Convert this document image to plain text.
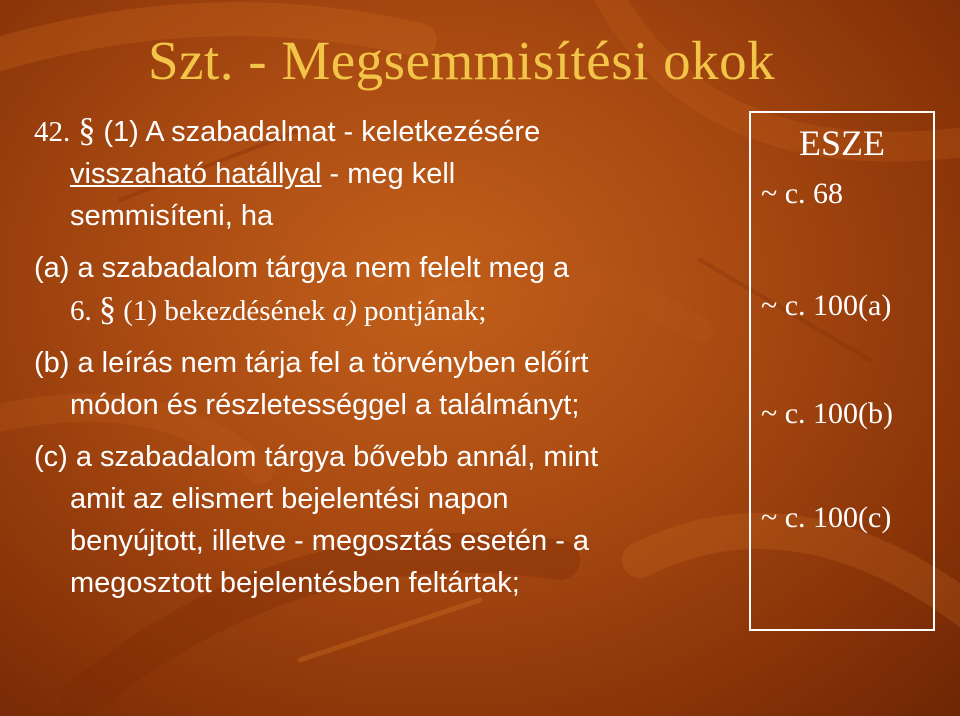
Szt. - Megsemmisítési okok

42. § (1) A szabadalmat - keletkezésére

visszaható hatállyal - meg kell

semmisíteni, ha

(a) a szabadalom tárgya nem felelt meg a

6. § (1) bekezdésének a) pontjának;

(b) a leírás nem tárja fel a törvényben előírt

módon és részletességgel a találmányt;

(c) a szabadalom tárgya bővebb annál, mint

amit az elismert bejelentési napon

benyújtott, illetve - megosztás esetén - a

megosztott bejelentésben feltártak;

ESZE
~ c. 68
~ c. 100(a)
~ c. 100(b)
~ c. 100(c)
